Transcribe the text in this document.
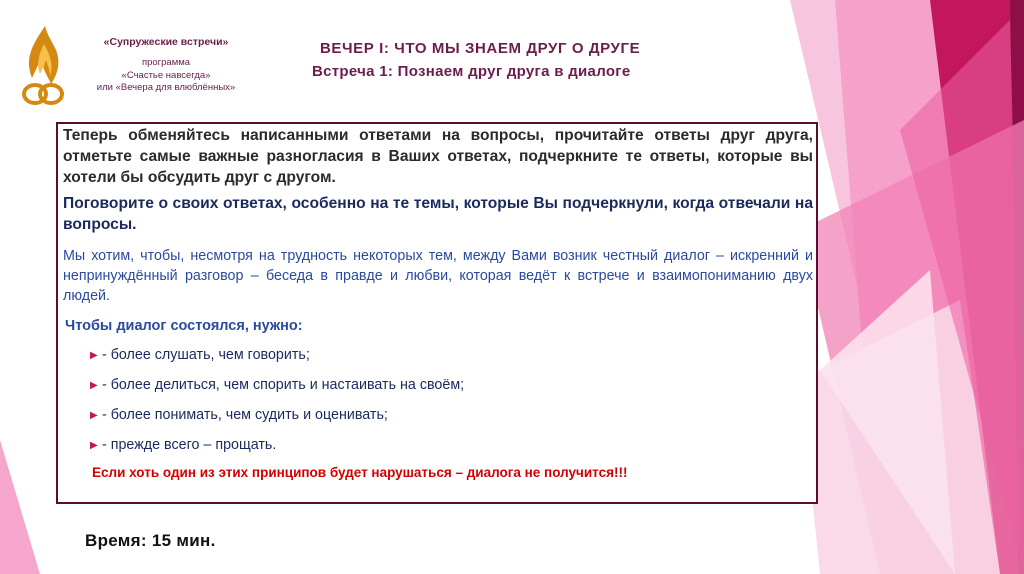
«Супружеские встречи»
программа
«Счастье навсегда»
или «Вечера для влюблённых»
ВЕЧЕР I: ЧТО МЫ ЗНАЕМ ДРУГ О ДРУГЕ
Встреча 1: Познаем друг друга в диалоге
Теперь обменяйтесь написанными ответами на вопросы, прочитайте ответы друг друга, отметьте самые важные разногласия в Ваших ответах, подчеркните те ответы, которые вы хотели бы обсудить друг с другом.
Поговорите о своих ответах, особенно на те темы, которые Вы подчеркнули, когда отвечали на вопросы.
Мы хотим, чтобы, несмотря на трудность некоторых тем, между Вами возник честный диалог – искренний и непринуждённый разговор – беседа в правде и любви, которая ведёт к встрече и взаимопониманию двух людей.
Чтобы диалог состоялся, нужно:
▶ - более слушать, чем говорить;
▶ - более делиться, чем спорить и настаивать на своём;
▶ - более понимать, чем судить и оценивать;
▶ - прежде всего – прощать.
Если хоть один из этих принципов будет нарушаться – диалога не получится!!!
Время: 15 мин.
